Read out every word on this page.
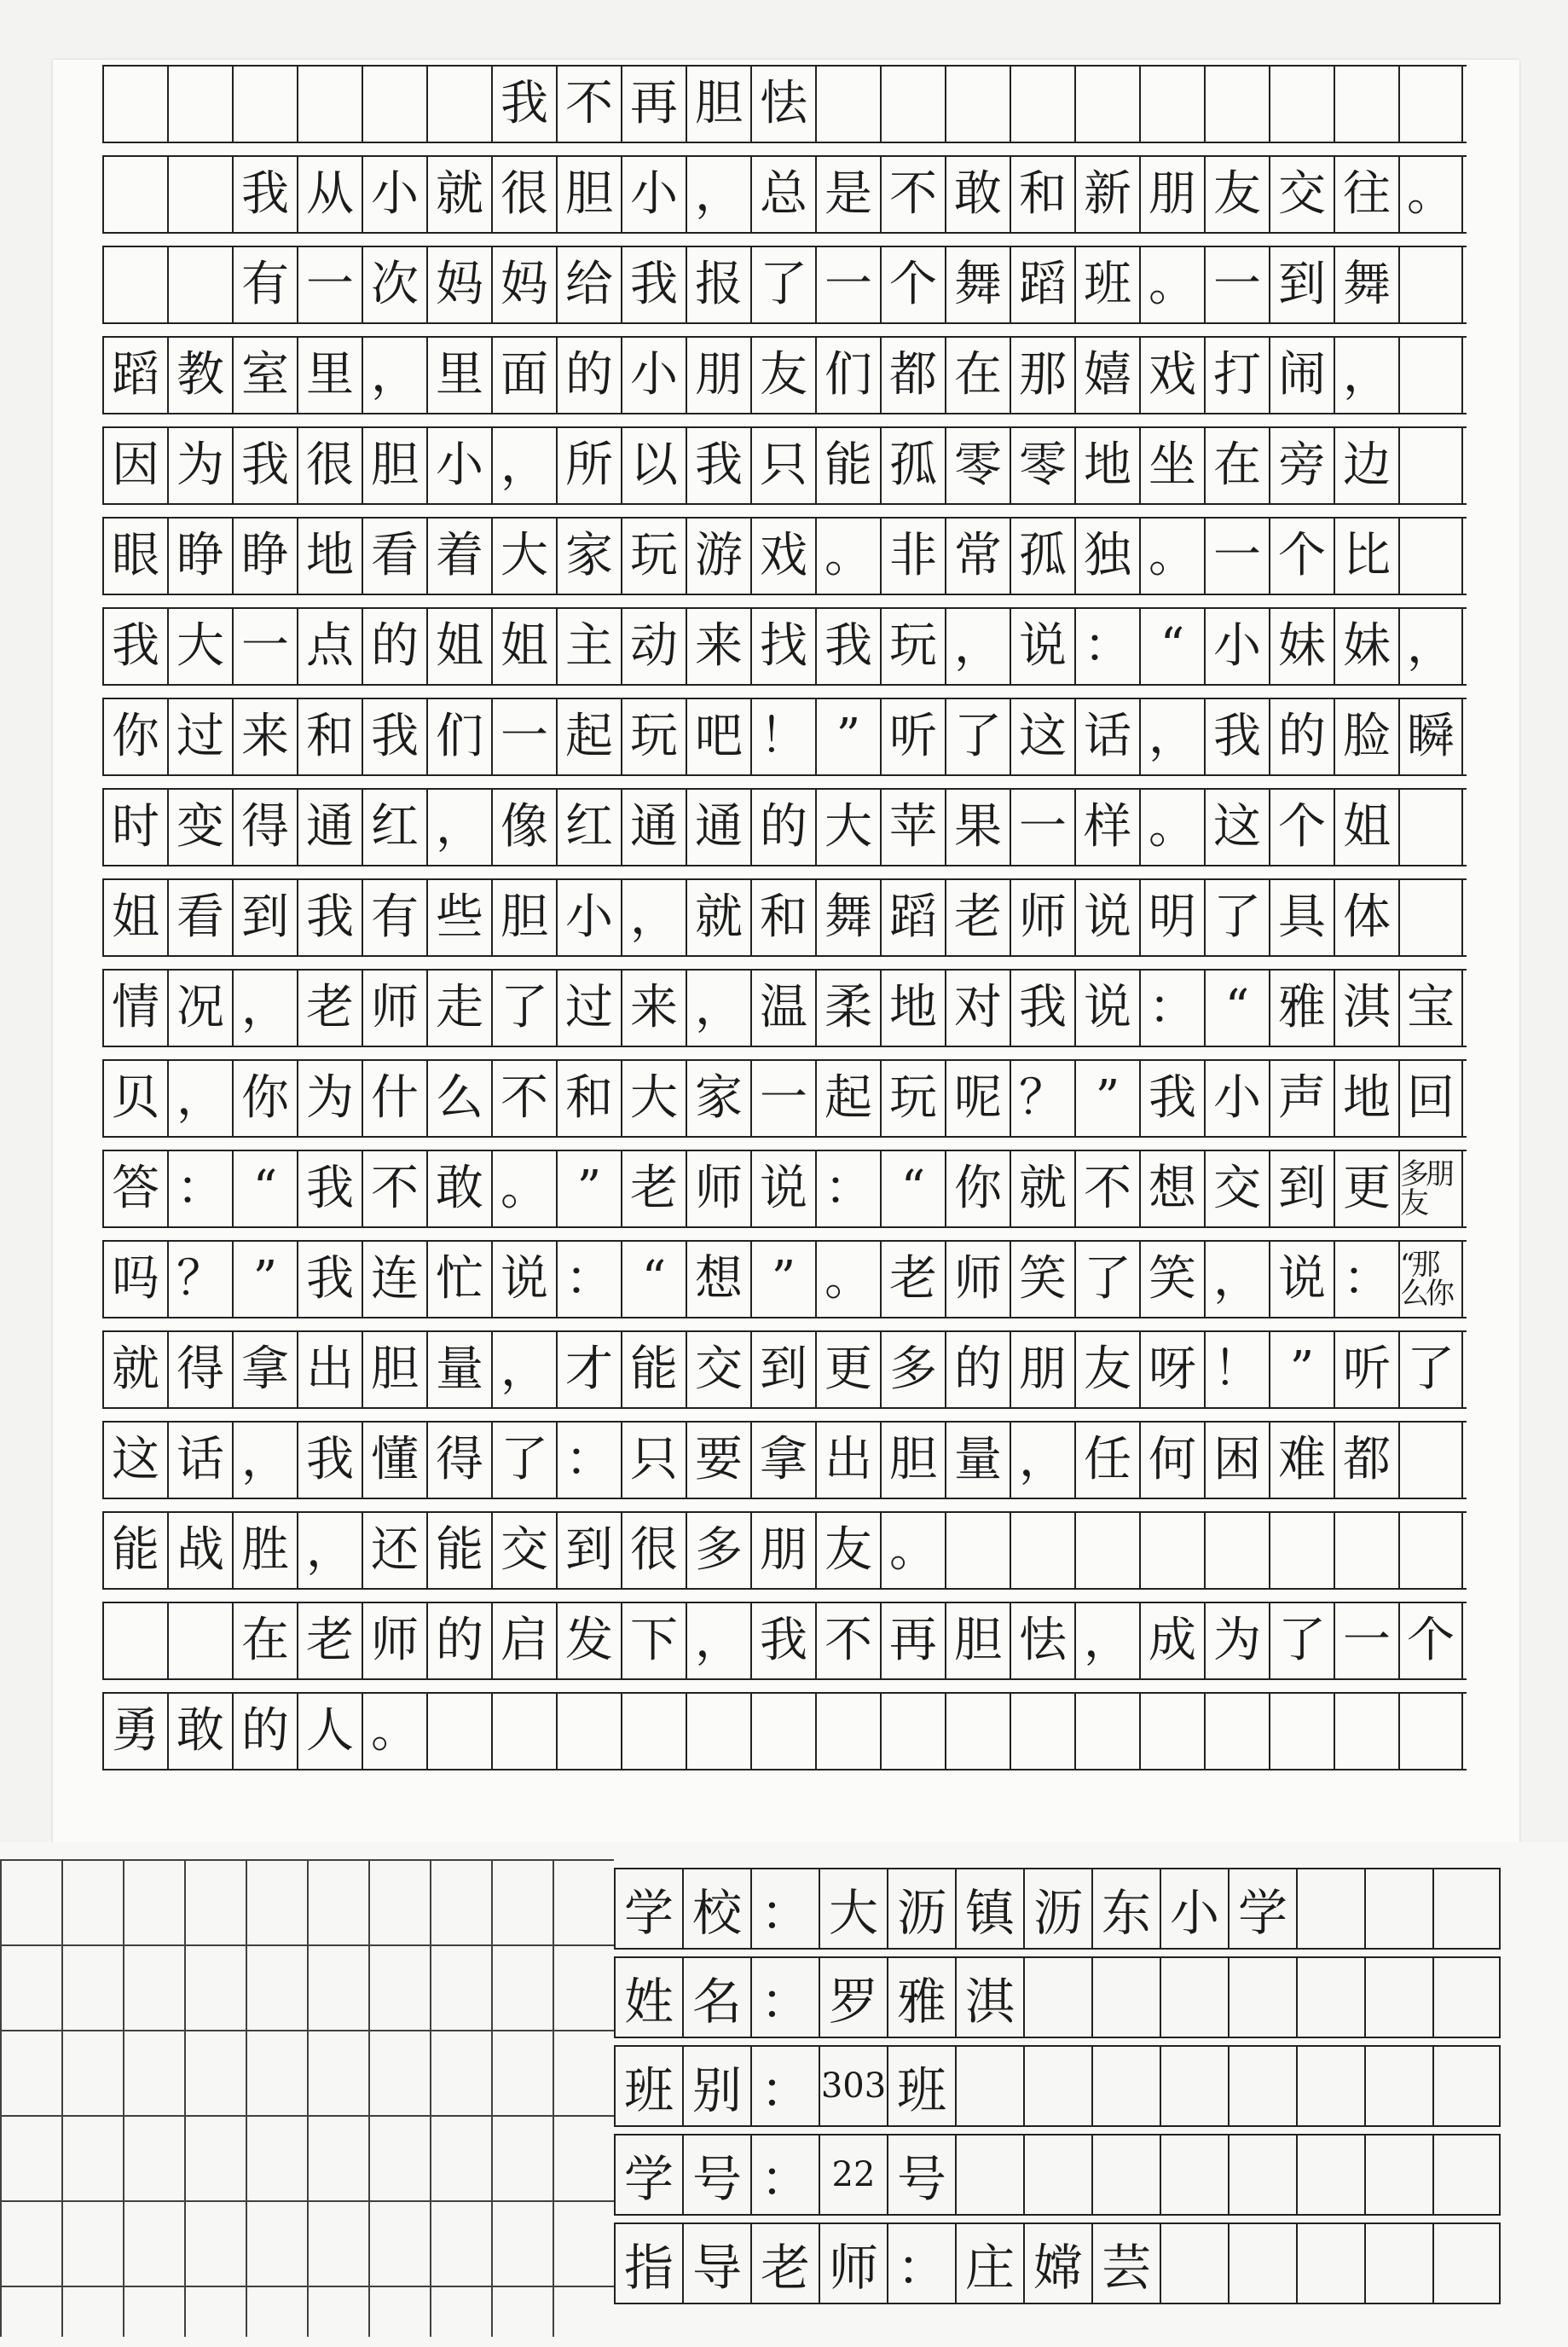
我 不 再 胆 怯
我 从 小 就 很 胆 小 ， 总 是 不 敢 和 新 朋 友 交 往 。
有 一 次 妈 妈 给 我 报 了 一 个 舞 蹈 班 。 一 到 舞
蹈 教 室 里 ， 里 面 的 小 朋 友 们 都 在 那 嬉 戏 打 闹 ，
因 为 我 很 胆 小 ， 所 以 我 只 能 孤 零 零 地 坐 在 旁 边
眼 睁 睁 地 看 着 大 家 玩 游 戏 。 非 常 孤 独 。 一 个 比
我 大 一 点 的 姐 姐 主 动 来 找 我 玩 ， 说 ： “ 小 妹 妹 ，
你 过 来 和 我 们 一 起 玩 吧 ！ ” 听 了 这 话 ， 我 的 脸 瞬
时 变 得 通 红 ， 像 红 通 通 的 大 苹 果 一 样 。 这 个 姐
姐 看 到 我 有 些 胆 小 ， 就 和 舞 蹈 老 师 说 明 了 具 体
情 况 ， 老 师 走 了 过 来 ， 温 柔 地 对 我 说 ： “ 雅 淇 宝
贝 ， 你 为 什 么 不 和 大 家 一 起 玩 呢 ？ ” 我 小 声 地 回
答 ： “ 我 不 敢 。 ” 老 师 说 ： “ 你 就 不 想 交 到 更 多朋友
吗 ？ ” 我 连 忙 说 ： “ 想 ” 。 老 师 笑 了 笑 ， 说 ： “那么你
就 得 拿 出 胆 量 ， 才 能 交 到 更 多 的 朋 友 呀 ！ ” 听 了
这 话 ， 我 懂 得 了 ： 只 要 拿 出 胆 量 ， 任 何 困 难 都
能 战 胜 ， 还 能 交 到 很 多 朋 友 。
在 老 师 的 启 发 下 ， 我 不 再 胆 怯 ， 成 为 了 一 个
勇 敢 的 人 。
学 校 ： 大 沥 镇 沥 东 小 学
姓 名 ： 罗 雅 淇
班 别 ： 303 班
学 号 ： 22 号
指 导 老 师 ： 庄 嫦 芸
